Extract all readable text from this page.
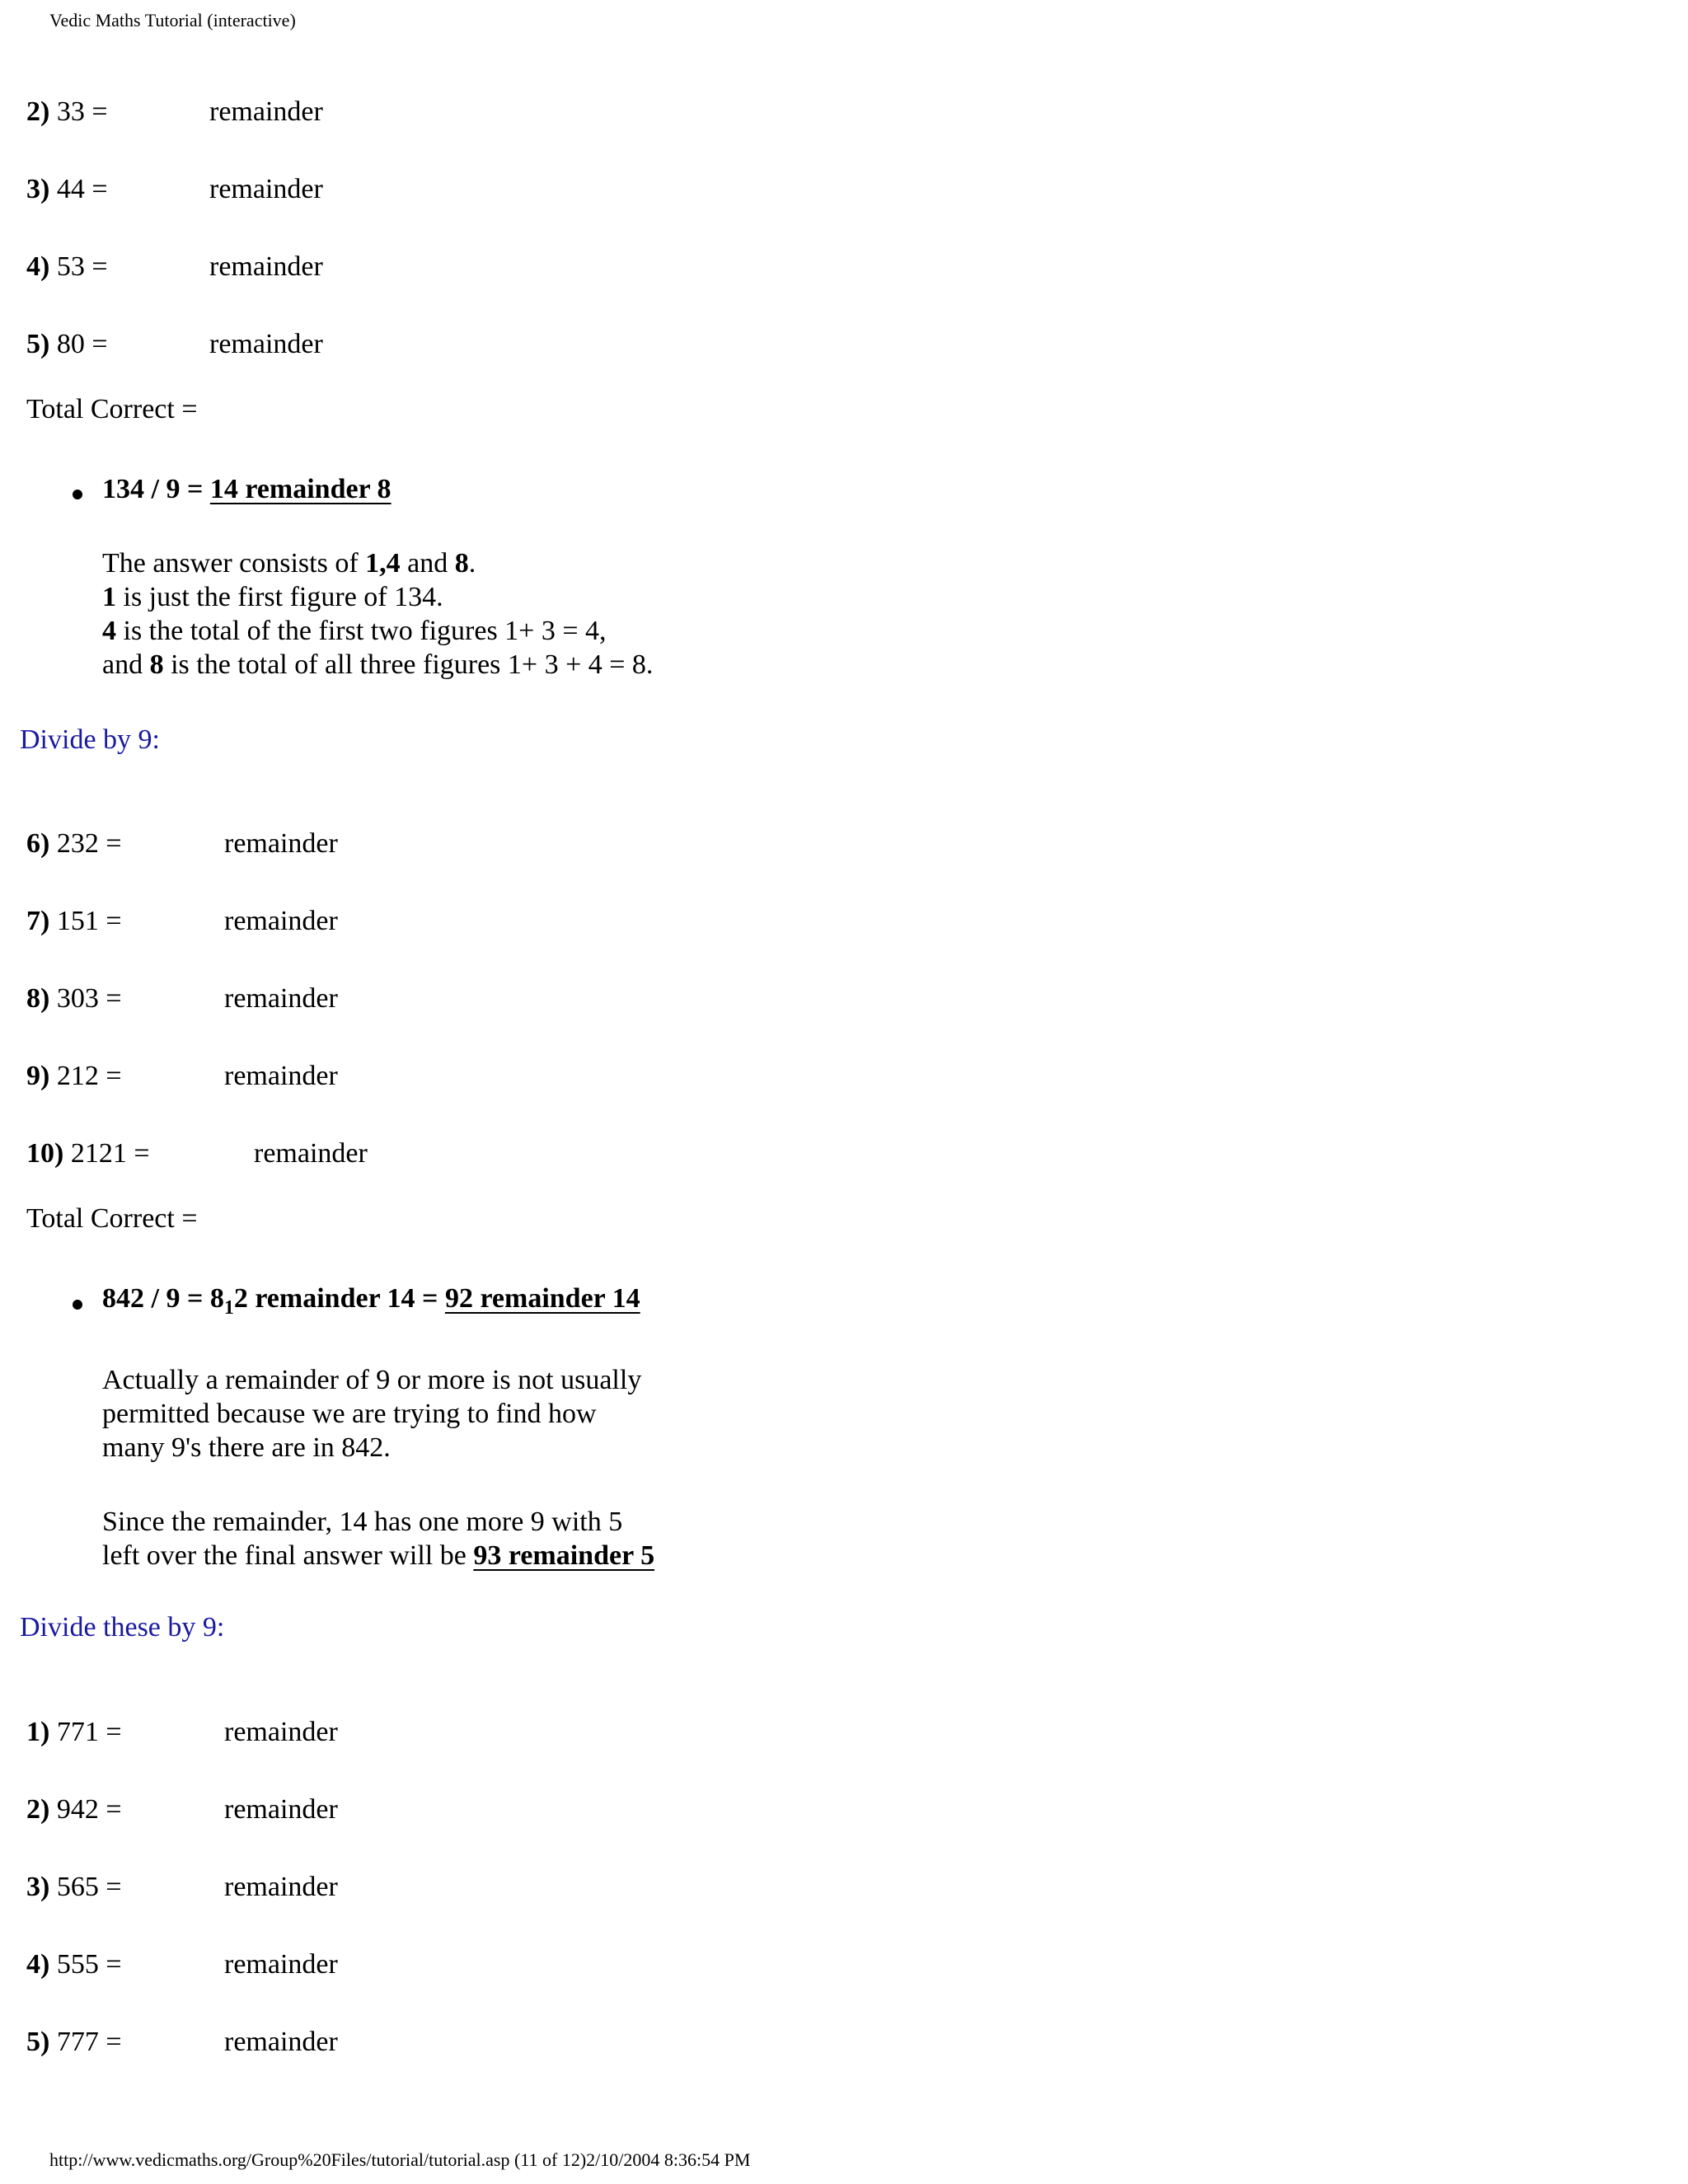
Vedic Maths Tutorial (interactive)
2) 33 =	remainder
3) 44 =	remainder
4) 53 =	remainder
5) 80 =	remainder
Total Correct =
134 / 9 = 14 remainder 8
The answer consists of 1,4 and 8.
1 is just the first figure of 134.
4 is the total of the first two figures 1+ 3 = 4,
and 8 is the total of all three figures 1+ 3 + 4 = 8.
Divide by 9:
6) 232 =	remainder
7) 151 =	remainder
8) 303 =	remainder
9) 212 =	remainder
10) 2121 =	remainder
Total Correct =
$842 / 9 = 8_12$ remainder 14 = 92 remainder 14
Actually a remainder of 9 or more is not usually
permitted because we are trying to find how
many 9's there are in 842.
Since the remainder, 14 has one more 9 with 5
left over the final answer will be 93 remainder 5
Divide these by 9:
1) 771 =	remainder
2) 942 =	remainder
3) 565 =	remainder
4) 555 =	remainder
5) 777 =	remainder
http://www.vedicmaths.org/Group%20Files/tutorial/tutorial.asp (11 of 12)2/10/2004 8:36:54 PM
